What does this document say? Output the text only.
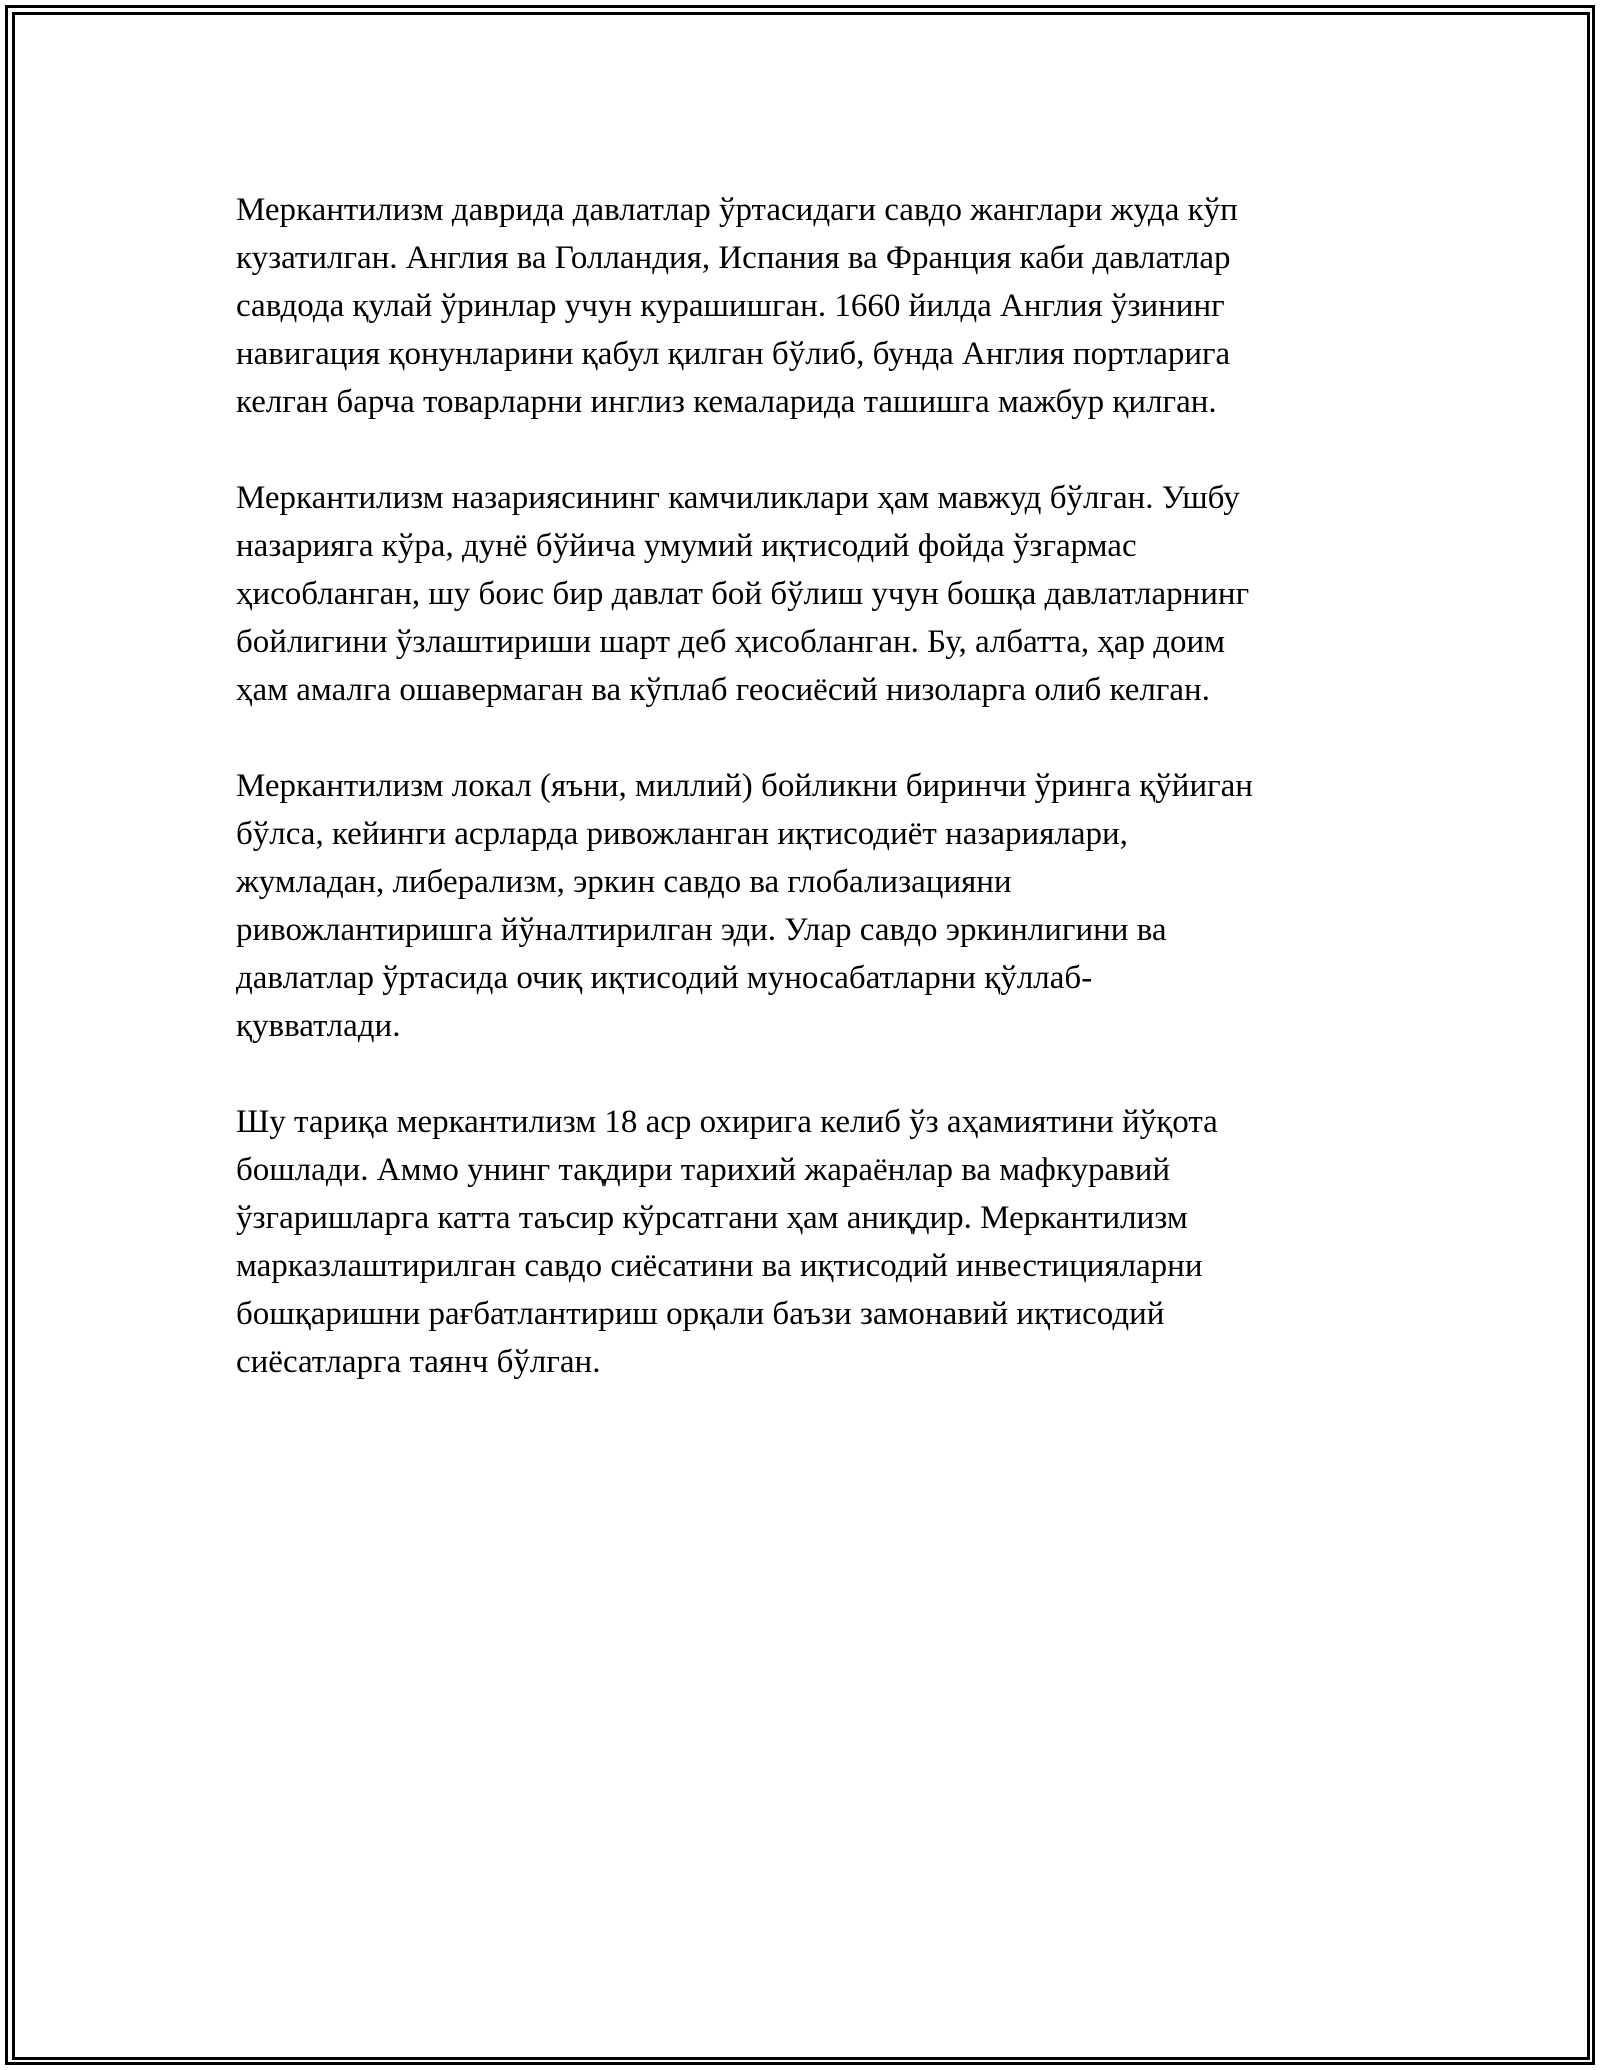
Меркантилизм даврида давлатлар ўртасидаги савдо жанглари жуда кўп
кузатилган. Англия ва Голландия, Испания ва Франция каби давлатлар
савдода қулай ўринлар учун курашишган. 1660 йилда Англия ўзининг
навигация қонунларини қабул қилган бўлиб, бунда Англия портларига
келган барча товарларни инглиз кемаларида ташишга мажбур қилган.

Меркантилизм назариясининг камчиликлари ҳам мавжуд бўлган. Ушбу
назарияга кўра, дунё бўйича умумий иқтисодий фойда ўзгармас
ҳисобланган, шу боис бир давлат бой бўлиш учун бошқа давлатларнинг
бойлигини ўзлаштириши шарт деб ҳисобланган. Бу, албатта, ҳар доим
ҳам амалга ошавермаган ва кўплаб геосиёсий низоларга олиб келган.

Меркантилизм локал (яъни, миллий) бойликни биринчи ўринга қўйиган
бўлса, кейинги асрларда ривожланган иқтисодиёт назариялари,
жумладан, либерализм, эркин савдо ва глобализацияни
ривожлантиришга йўналтирилган эди. Улар савдо эркинлигини ва
давлатлар ўртасида очиқ иқтисодий муносабатларни қўллаб-
қувватлади.

Шу тариқа меркантилизм 18 аср охирига келиб ўз аҳамиятини йўқота
бошлади. Аммо унинг тақдири тарихий жараёнлар ва мафкуравий
ўзгаришларга катта таъсир кўрсатгани ҳам аниқдир. Меркантилизм
марказлаштирилган савдо сиёсатини ва иқтисодий инвестицияларни
бошқаришни рағбатлантириш орқали баъзи замонавий иқтисодий
сиёсатларга таянч бўлган.
